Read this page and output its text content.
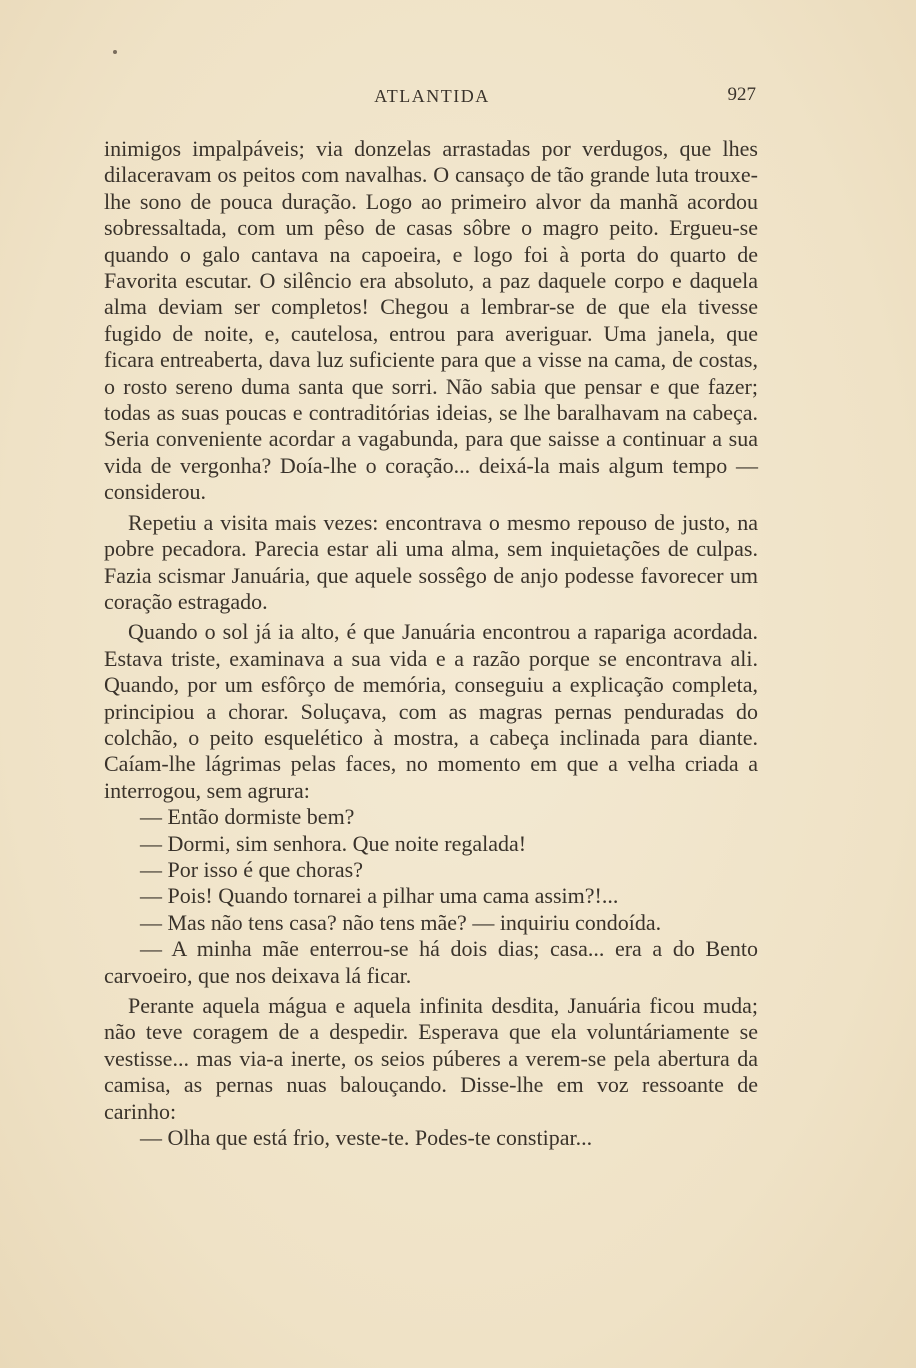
ATLANTIDA	927

inimigos impalpáveis; via donzelas arrastadas por verdugos, que lhes dilaceravam os peitos com navalhas. O cansaço de tão grande luta trouxe-lhe sono de pouca duração. Logo ao primeiro alvor da manhã acordou sobressaltada, com um pêso de casas sôbre o magro peito. Ergueu-se quando o galo cantava na capoeira, e logo foi à porta do quarto de Favorita escutar. O silêncio era absoluto, a paz daquele corpo e daquela alma deviam ser completos! Chegou a lembrar-se de que ela tivesse fugido de noite, e, cautelosa, entrou para averiguar. Uma janela, que ficara entreaberta, dava luz suficiente para que a visse na cama, de costas, o rosto sereno duma santa que sorri. Não sabia que pensar e que fazer; todas as suas poucas e contraditórias ideias, se lhe baralhavam na cabeça. Seria conveniente acordar a vagabunda, para que saisse a continuar a sua vida de vergonha? Doía-lhe o coração... deixá-la mais algum tempo — considerou.

Repetiu a visita mais vezes: encontrava o mesmo repouso de justo, na pobre pecadora. Parecia estar ali uma alma, sem inquietações de culpas. Fazia scismar Januária, que aquele sossêgo de anjo podesse favorecer um coração estragado.

Quando o sol já ia alto, é que Januária encontrou a rapariga acordada. Estava triste, examinava a sua vida e a razão porque se encontrava ali. Quando, por um esfôrço de memória, conseguiu a explicação completa, principiou a chorar. Soluçava, com as magras pernas penduradas do colchão, o peito esquelético à mostra, a cabeça inclinada para diante. Caíam-lhe lágrimas pelas faces, no momento em que a velha criada a interrogou, sem agrura:

— Então dormiste bem?

— Dormi, sim senhora. Que noite regalada!

— Por isso é que choras?

— Pois! Quando tornarei a pilhar uma cama assim?!...

— Mas não tens casa? não tens mãe? — inquiriu condoída.

— A minha mãe enterrou-se há dois dias; casa... era a do Bento carvoeiro, que nos deixava lá ficar.

Perante aquela mágua e aquela infinita desdita, Januária ficou muda; não teve coragem de a despedir. Esperava que ela voluntáriamente se vestisse... mas via-a inerte, os seios púberes a verem-se pela abertura da camisa, as pernas nuas balouçando. Disse-lhe em voz ressoante de carinho:

— Olha que está frio, veste-te. Podes-te constipar...
